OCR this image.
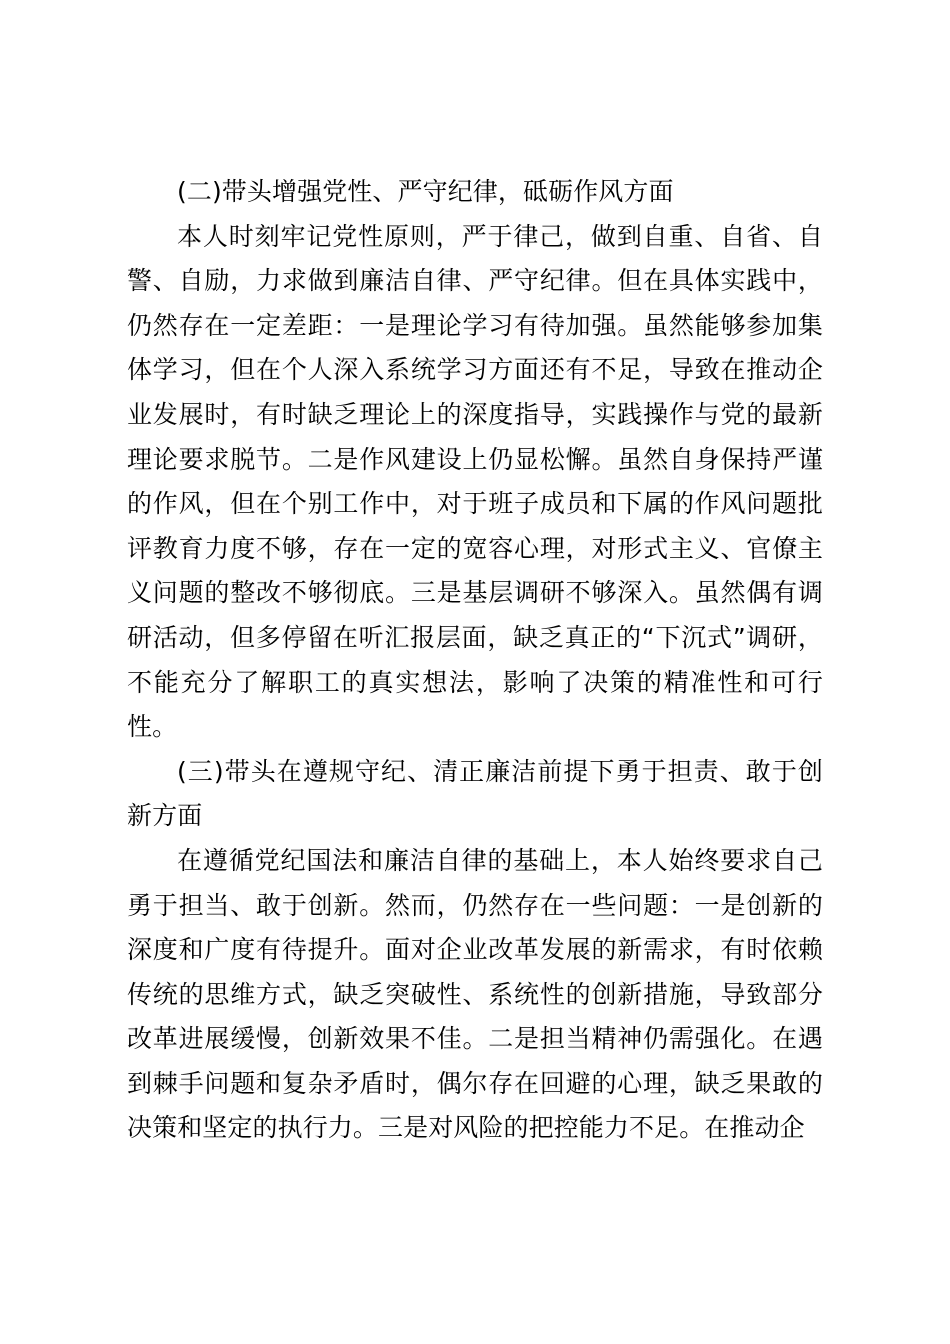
(二)带头增强党性、严守纪律，砥砺作风方面

本人时刻牢记党性原则，严于律己，做到自重、自省、自警、自励，力求做到廉洁自律、严守纪律。但在具体实践中，仍然存在一定差距：一是理论学习有待加强。虽然能够参加集体学习，但在个人深入系统学习方面还有不足，导致在推动企业发展时，有时缺乏理论上的深度指导，实践操作与党的最新理论要求脱节。二是作风建设上仍显松懈。虽然自身保持严谨的作风，但在个别工作中，对于班子成员和下属的作风问题批评教育力度不够，存在一定的宽容心理，对形式主义、官僚主义问题的整改不够彻底。三是基层调研不够深入。虽然偶有调研活动，但多停留在听汇报层面，缺乏真正的“下沉式”调研，不能充分了解职工的真实想法，影响了决策的精准性和可行性。

(三)带头在遵规守纪、清正廉洁前提下勇于担责、敢于创新方面

在遵循党纪国法和廉洁自律的基础上，本人始终要求自己勇于担当、敢于创新。然而，仍然存在一些问题：一是创新的深度和广度有待提升。面对企业改革发展的新需求，有时依赖传统的思维方式，缺乏突破性、系统性的创新措施，导致部分改革进展缓慢，创新效果不佳。二是担当精神仍需强化。在遇到棘手问题和复杂矛盾时，偶尔存在回避的心理，缺乏果敢的决策和坚定的执行力。三是对风险的把控能力不足。在推动企
